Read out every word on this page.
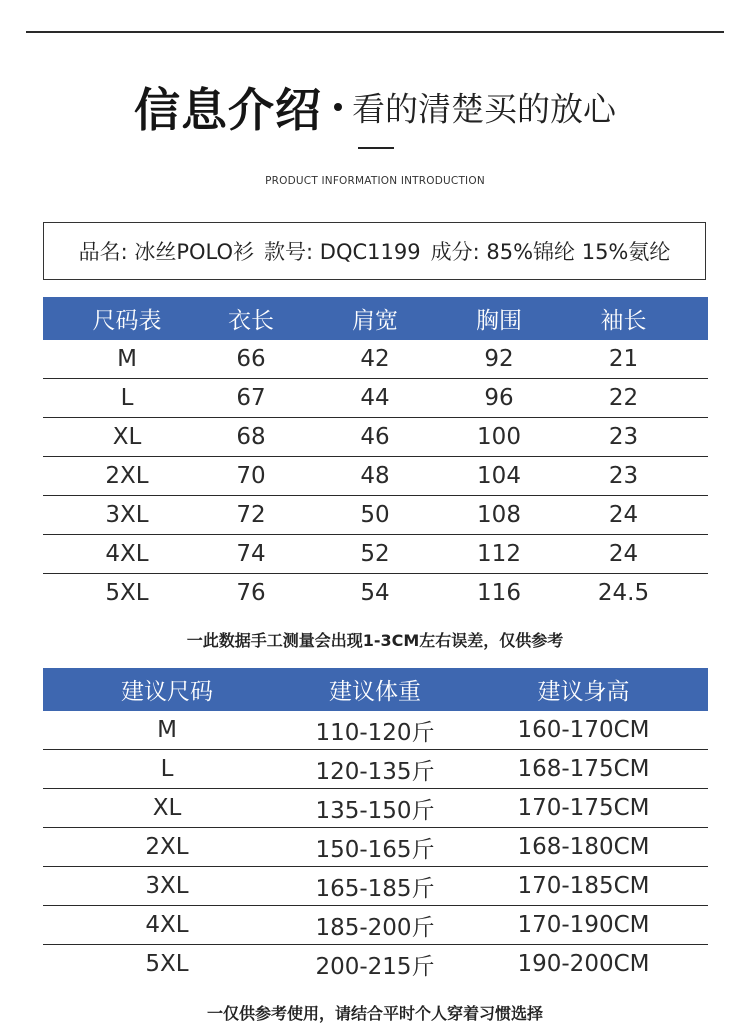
信息介绍 看的清楚买的放心
PRODUCT INFORMATION INTRODUCTION
品名: 冰丝POLO衫 款号: DQC1199 成分: 85%锦纶 15%氨纶
尺码表	衣长	肩宽	胸围	袖长
M	66	42	92	21
L	67	44	96	22
XL	68	46	100	23
2XL	70	48	104	23
3XL	72	50	108	24
4XL	74	52	112	24
5XL	76	54	116	24.5
一此数据手工测量会出现1-3CM左右误差，仅供参考
建议尺码	建议体重	建议身高
M	110-120斤	160-170CM
L	120-135斤	168-175CM
XL	135-150斤	170-175CM
2XL	150-165斤	168-180CM
3XL	165-185斤	170-185CM
4XL	185-200斤	170-190CM
5XL	200-215斤	190-200CM
一仅供参考使用，请结合平时个人穿着习惯选择
